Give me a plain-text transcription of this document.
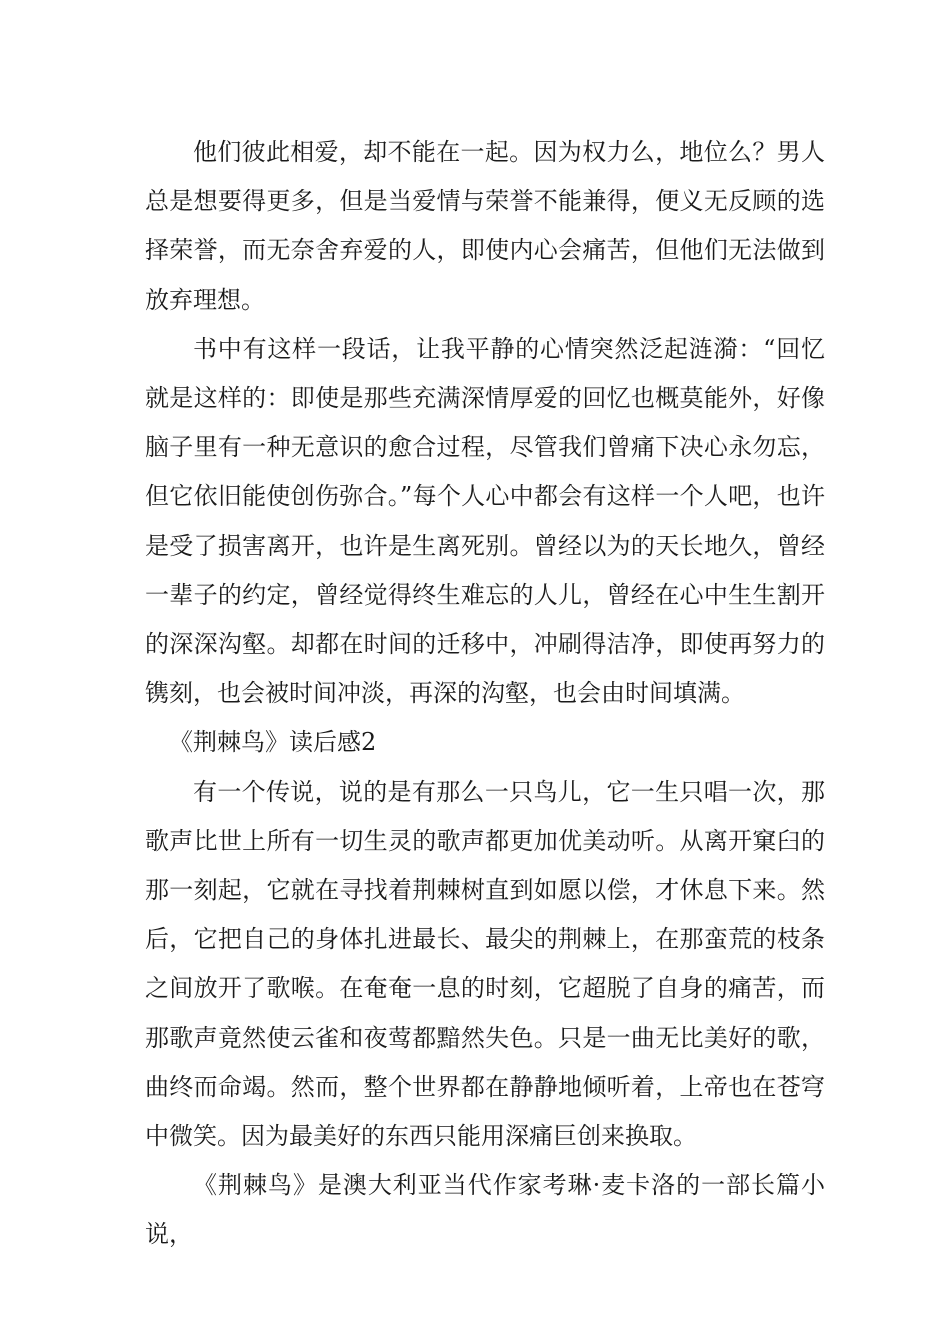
他们彼此相爱，却不能在一起。因为权力么，地位么？男人总是想要得更多，但是当爱情与荣誉不能兼得，便义无反顾的选择荣誉，而无奈舍弃爱的人，即使内心会痛苦，但他们无法做到放弃理想。

书中有这样一段话，让我平静的心情突然泛起涟漪：“回忆就是这样的：即使是那些充满深情厚爱的回忆也概莫能外，好像脑子里有一种无意识的愈合过程，尽管我们曾痛下决心永勿忘，但它依旧能使创伤弥合。”每个人心中都会有这样一个人吧，也许是受了损害离开，也许是生离死别。曾经以为的天长地久，曾经一辈子的约定，曾经觉得终生难忘的人儿，曾经在心中生生割开的深深沟壑。却都在时间的迁移中，冲刷得洁净，即使再努力的镌刻，也会被时间冲淡，再深的沟壑，也会由时间填满。

《荆棘鸟》读后感2

有一个传说，说的是有那么一只鸟儿，它一生只唱一次，那歌声比世上所有一切生灵的歌声都更加优美动听。从离开窠臼的那一刻起，它就在寻找着荆棘树直到如愿以偿，才休息下来。然后，它把自己的身体扎进最长、最尖的荆棘上，在那蛮荒的枝条之间放开了歌喉。在奄奄一息的时刻，它超脱了自身的痛苦，而那歌声竟然使云雀和夜莺都黯然失色。只是一曲无比美好的歌，曲终而命竭。然而，整个世界都在静静地倾听着，上帝也在苍穹中微笑。因为最美好的东西只能用深痛巨创来换取。

《荆棘鸟》是澳大利亚当代作家考琳·麦卡洛的一部长篇小说，
